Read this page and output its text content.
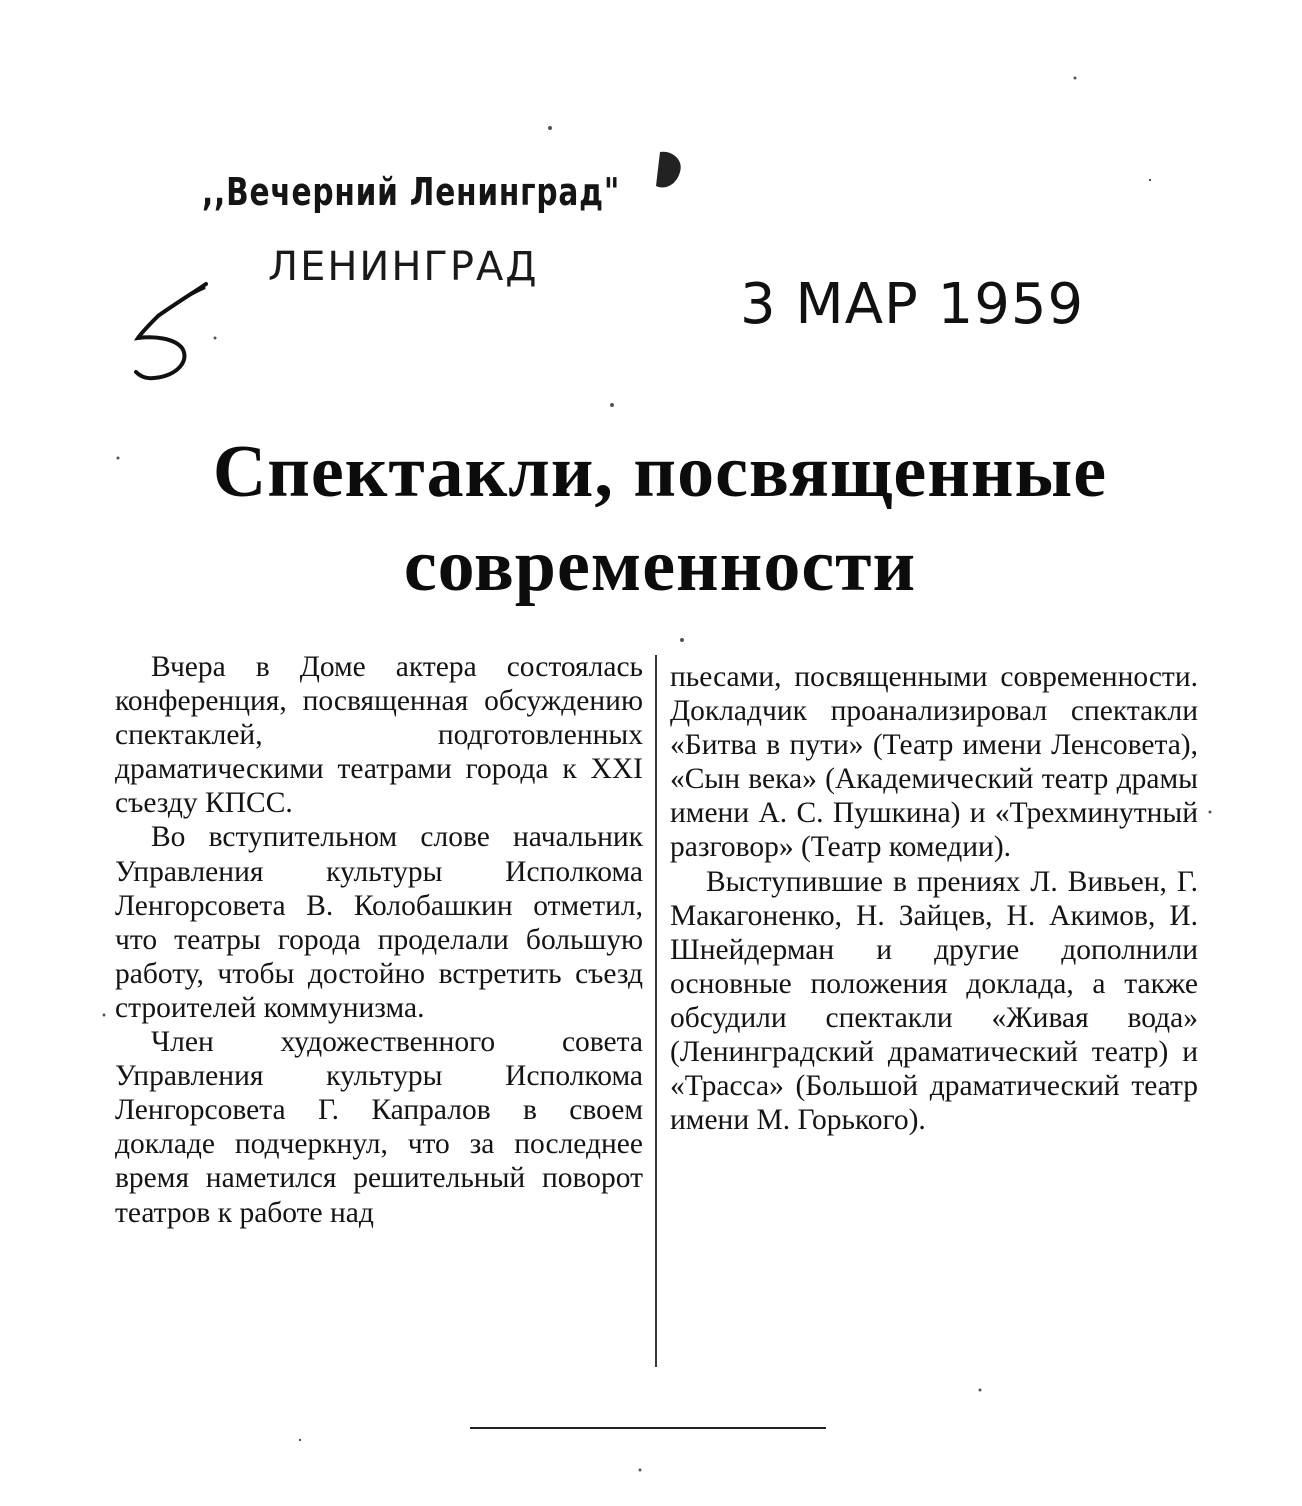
,,Вечерний Ленинград"
ЛЕНИНГРАД
3 МАР 1959
Спектакли, посвященные современности

Вчера в Доме актера состоялась конференция, посвященная обсуждению спектаклей, подготовленных драматическими театрами города к XXI съезду КПСС.

Во вступительном слове начальник Управления культуры Исполкома Ленгорсовета В. Колобашкин отметил, что театры города проделали большую работу, чтобы достойно встретить съезд строителей коммунизма.

Член художественного совета Управления культуры Исполкома Ленгорсовета Г. Капралов в своем докладе подчеркнул, что за последнее время наметился решительный поворот театров к работе над

пьесами, посвященными современности. Докладчик проанализировал спектакли «Битва в пути» (Театр имени Ленсовета), «Сын века» (Академический театр драмы имени А. С. Пушкина) и «Трехминутный разговор» (Театр комедии).

Выступившие в прениях Л. Вивьен, Г. Макагоненко, Н. Зайцев, Н. Акимов, И. Шнейдерман и другие дополнили основные положения доклада, а также обсудили спектакли «Живая вода» (Ленинградский драматический театр) и «Трасса» (Большой драматический театр имени М. Горького).
